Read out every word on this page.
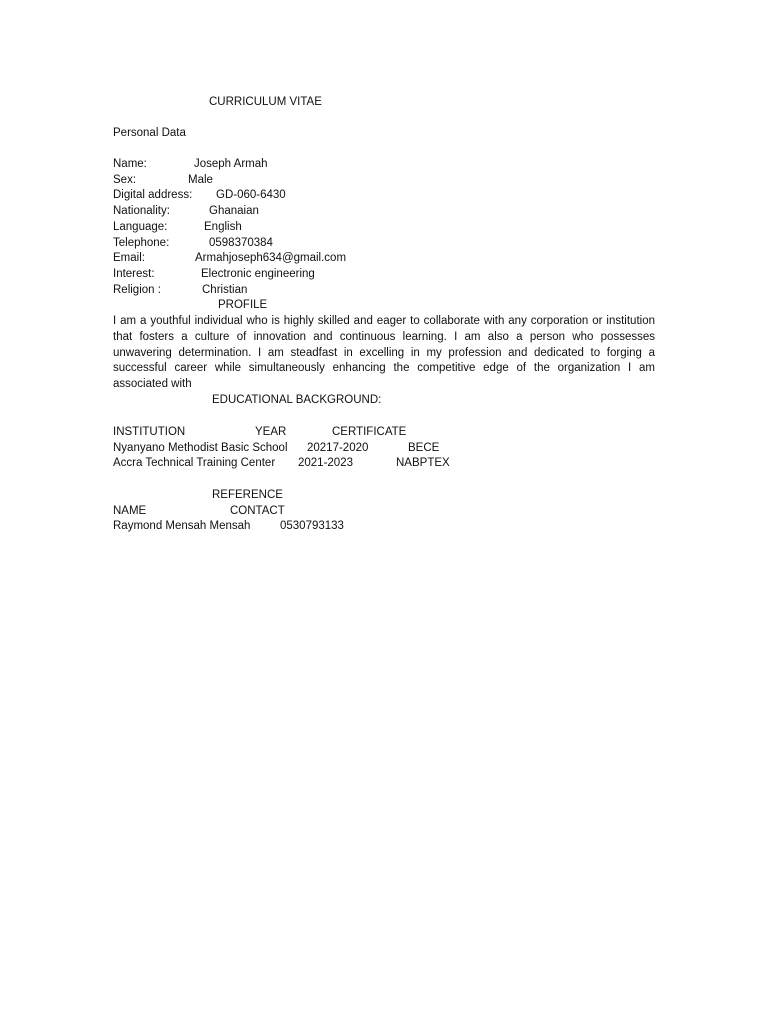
CURRICULUM VITAE
Personal Data
Name:	Joseph Armah
Sex:	Male
Digital address: GD-060-6430
Nationality:	Ghanaian
Language:	English
Telephone:	0598370384
Email:	Armahjoseph634@gmail.com
Interest:	Electronic engineering
Religion :	Christian
PROFILE
I am a youthful individual who is highly skilled and eager to collaborate with any corporation or institution that fosters a culture of innovation and continuous learning. I am also a person who possesses unwavering determination. I am steadfast in excelling in my profession and dedicated to forging a successful career while simultaneously enhancing the competitive edge of the organization I am associated with
EDUCATIONAL BACKGROUND:
INSTITUTION	YEAR	CERTIFICATE
Nyanyano Methodist Basic School 20217-2020	BECE
Accra Technical Training Center 2021-2023	NABPTEX
REFERENCE
NAME	CONTACT
Raymond Mensah Mensah	0530793133
